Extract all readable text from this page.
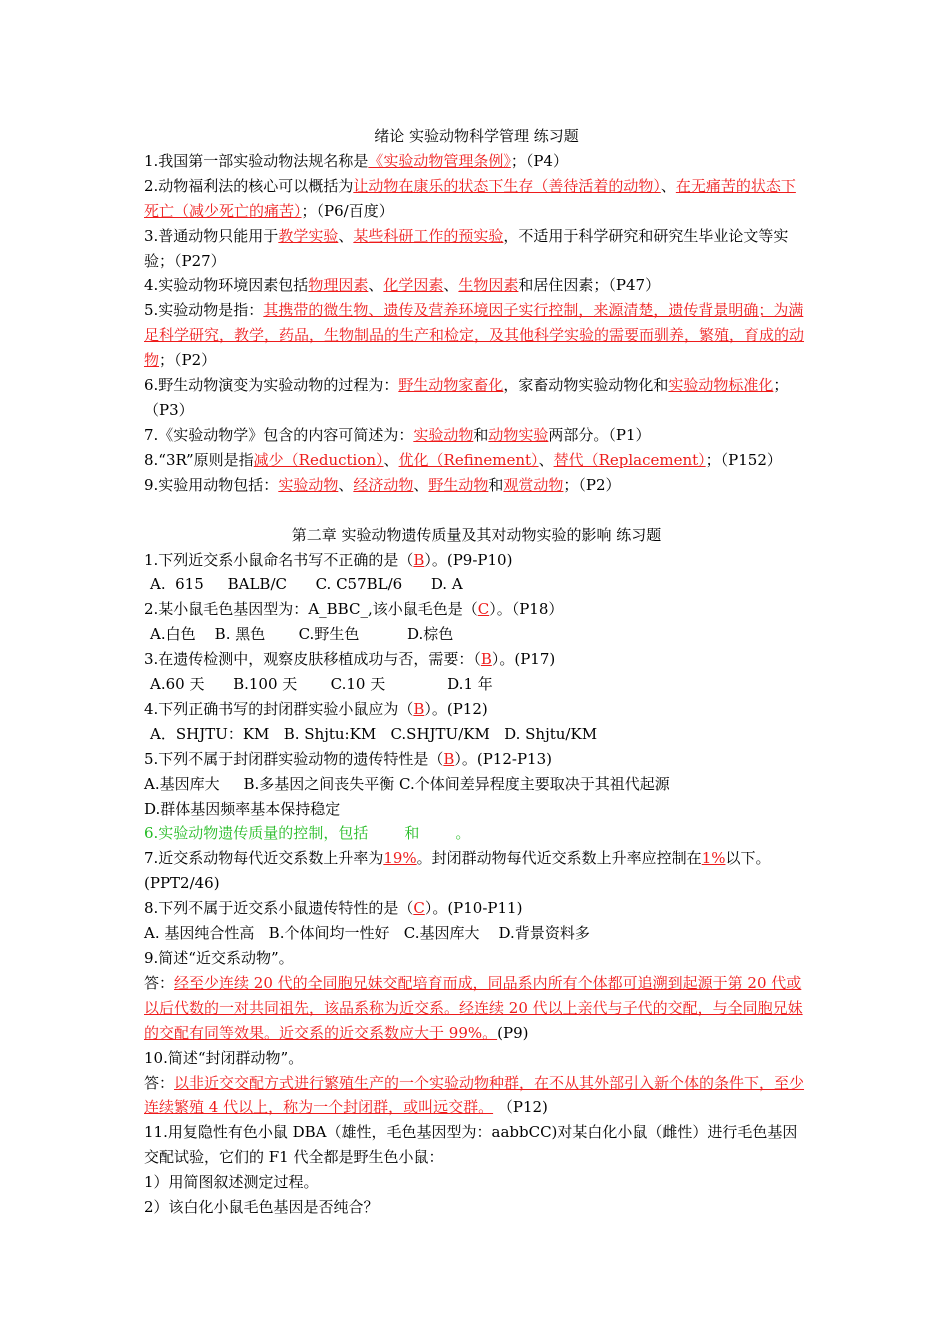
绪论 实验动物科学管理 练习题

1.我国第一部实验动物法规名称是《实验动物管理条例》；（P4）

2.动物福利法的核心可以概括为让动物在康乐的状态下生存（善待活着的动物）、在无痛苦的状态下死亡（减少死亡的痛苦）；（P6/百度）

3.普通动物只能用于教学实验、某些科研工作的预实验，不适用于科学研究和研究生毕业论文等实验；（P27）

4.实验动物环境因素包括物理因素、化学因素、生物因素和居住因素；（P47）

5.实验动物是指：其携带的微生物、遗传及营养环境因子实行控制，来源清楚，遗传背景明确；为满足科学研究，教学，药品，生物制品的生产和检定，及其他科学实验的需要而驯养，繁殖，育成的动物；（P2）

6.野生动物演变为实验动物的过程为：野生动物家畜化，家畜动物实验动物化和实验动物标准化；（P3）

7.《实验动物学》包含的内容可简述为：实验动物和动物实验两部分。（P1）

8.“3R”原则是指减少（Reduction）、优化（Refinement）、替代（Replacement）；（P152）

9.实验用动物包括：实验动物、经济动物、野生动物和观赏动物；（P2）

第二章 实验动物遗传质量及其对动物实验的影响 练习题

1.下列近交系小鼠命名书写不正确的是（B）。(P9-P10)

A.  615     BALB/C      C. C57BL/6      D. A

2.某小鼠毛色基因型为：A_BBC_,该小鼠毛色是（C）。（P18）

A.白色    B. 黑色       C.野生色          D.棕色

3.在遗传检测中，观察皮肤移植成功与否，需要：（B）。(P17)

A.60 天      B.100 天       C.10 天             D.1 年

4.下列正确书写的封闭群实验小鼠应为（B）。(P12)

A．SHJTU：KM   B. Shjtu:KM   C.SHJTU/KM   D. Shjtu/KM

5.下列不属于封闭群实验动物的遗传特性是（B）。(P12-P13)

A.基因库大     B.多基因之间丧失平衡 C.个体间差异程度主要取决于其祖代起源

D.群体基因频率基本保持稳定

6.实验动物遗传质量的控制，包括 和 。

7.近交系动物每代近交系数上升率为19%。封闭群动物每代近交系数上升率应控制在1%以下。(PPT2/46)

8.下列不属于近交系小鼠遗传特性的是（C）。(P10-P11)

A. 基因纯合性高   B.个体间均一性好   C.基因库大    D.背景资料多

9.简述“近交系动物”。

答：经至少连续 20 代的全同胞兄妹交配培育而成，同品系内所有个体都可追溯到起源于第 20 代或以后代数的一对共同祖先，该品系称为近交系。经连续 20 代以上亲代与子代的交配，与全同胞兄妹的交配有同等效果。近交系的近交系数应大于 99%。(P9)

10.简述“封闭群动物”。

答：以非近交交配方式进行繁殖生产的一个实验动物种群，在不从其外部引入新个体的条件下，至少连续繁殖 4 代以上，称为一个封闭群，或叫远交群。 （P12)

11.用复隐性有色小鼠 DBA（雄性，毛色基因型为：aabbCC)对某白化小鼠（雌性）进行毛色基因交配试验，它们的 F1 代全都是野生色小鼠：

1）用简图叙述测定过程。

2）该白化小鼠毛色基因是否纯合？
